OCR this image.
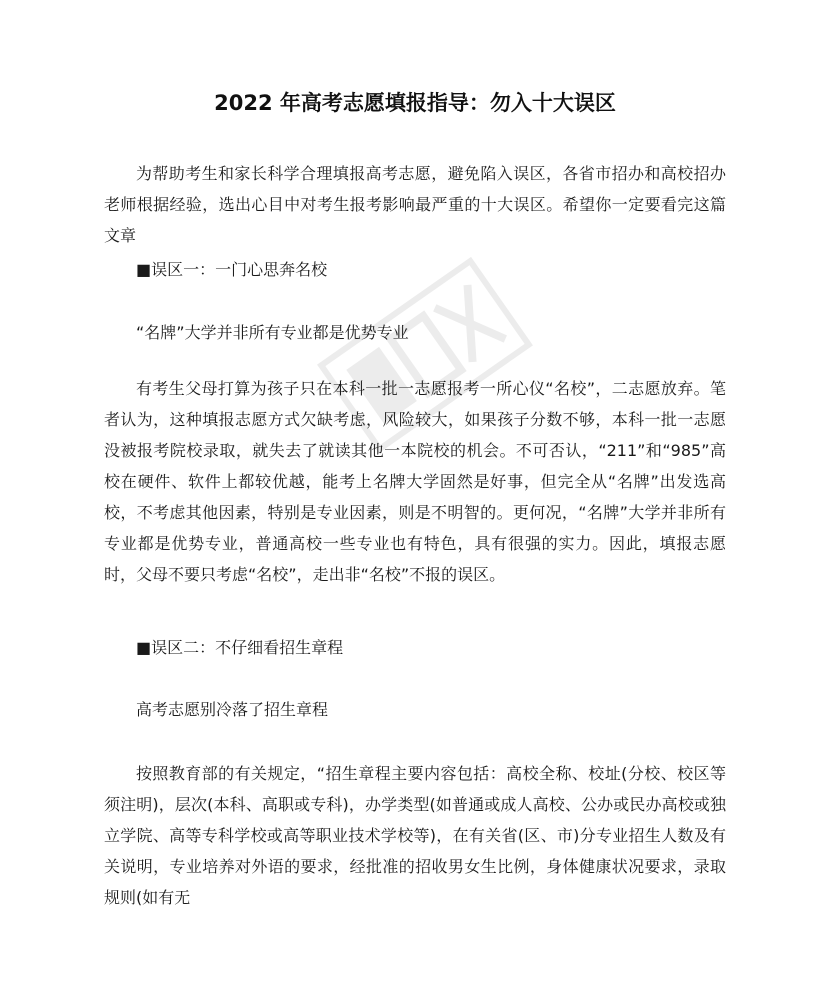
2022 年高考志愿填报指导：勿入十大误区
为帮助考生和家长科学合理填报高考志愿，避免陷入误区，各省市招办和高校招办老师根据经验，选出心目中对考生报考影响最严重的十大误区。希望你一定要看完这篇文章
■误区一：一门心思奔名校
“名牌”大学并非所有专业都是优势专业
有考生父母打算为孩子只在本科一批一志愿报考一所心仪“名校”，二志愿放弃。笔者认为，这种填报志愿方式欠缺考虑，风险较大，如果孩子分数不够，本科一批一志愿没被报考院校录取，就失去了就读其他一本院校的机会。不可否认，“211”和“985”高校在硬件、软件上都较优越，能考上名牌大学固然是好事，但完全从“名牌”出发选高校，不考虑其他因素，特别是专业因素，则是不明智的。更何况，“名牌”大学并非所有专业都是优势专业，普通高校一些专业也有特色，具有很强的实力。因此，填报志愿时，父母不要只考虑“名校”，走出非“名校”不报的误区。
■误区二：不仔细看招生章程
高考志愿别冷落了招生章程
按照教育部的有关规定，“招生章程主要内容包括：高校全称、校址(分校、校区等须注明)，层次(本科、高职或专科)，办学类型(如普通或成人高校、公办或民办高校或独立学院、高等专科学校或高等职业技术学校等)，在有关省(区、市)分专业招生人数及有关说明，专业培养对外语的要求，经批准的招收男女生比例，身体健康状况要求，录取规则(如有无
